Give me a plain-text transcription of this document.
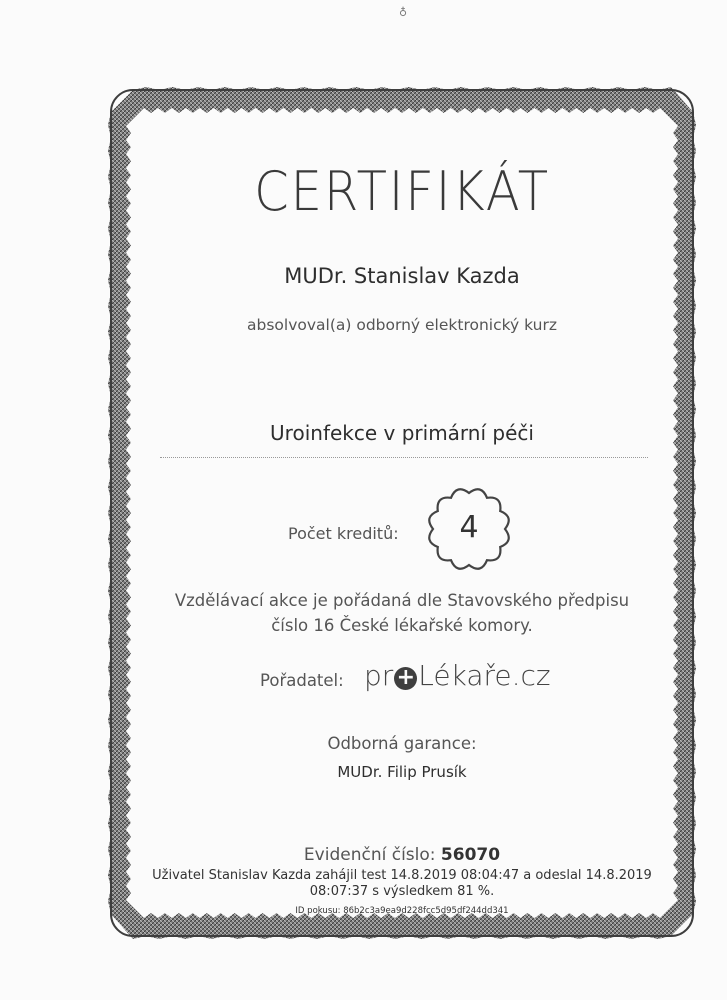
♁
CERTIFIKÁT
MUDr. Stanislav Kazda
absolvoval(a) odborný elektronický kurz
Uroinfekce v primární péči
Počet kreditů:	4
Vzdělávací akce je pořádaná dle Stavovského předpisu
číslo 16 České lékařské komory.
Pořadatel: pr + Lékaře.cz
Odborná garance:
MUDr. Filip Prusík
Evidenční číslo: 56070
Uživatel Stanislav Kazda zahájil test 14.8.2019 08:04:47 a odeslal 14.8.2019
08:07:37 s výsledkem 81 %.
ID pokusu: 86b2c3a9ea9d228fcc5d95df244dd341
